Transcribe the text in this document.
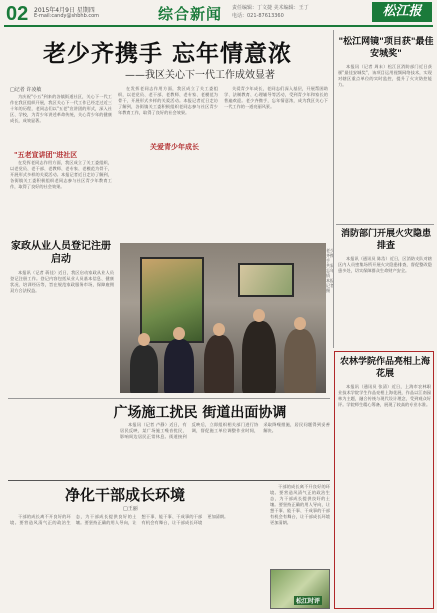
02 2015年4月9日 星期四
E-mail:candy@shbhb.com	综合新闻 责任编辑：丁文捷 美术编辑：王丁
电话：021-87613360	松江报
老少齐携手 忘年情意浓
——我区关心下一代工作成效显著
□记者 许凌敏

为庆祝"小五"到来的各镇街道社区，关心下一代工作在我区组织开展，我区关心下一代工作已经走过近三十年的历程，老同志们以"五老"宣讲团的形式，深入社区、学校，为青少年讲述革命传统，关心青少年的健康成长，成效显著。

"五老宣讲团"进社区

在发挥老同志作用方面，我区成立了关工委组织，以老党员、老干部、老教师、老专家、老模范为骨干，开展形式多样的关爱活动。本报记者近日走访了解到，各街镇关工委积极组织老同志参与社区青少年教育工作，取得了良好的社会效果。

在发挥老同志作用方面，我区成立了关工委组织，以老党员、老干部、老教师、老专家、老模范为骨干，开展形式多样的关爱活动。本报记者近日走访了解到，各街镇关工委积极组织老同志参与社区青少年教育工作，取得了良好的社会效果。

关爱青少年成长

关爱青少年成长，老同志们深入基层，开展帮困助学、法制教育、心理辅导等活动，受到青少年和家长的普遍欢迎。老少齐携手，忘年情意浓，成为我区关心下一代工作的一道亮丽风景。

家政从业人员登记注册启动

本报讯（记者 蒋佳）近日，我区启动家政从业人员登记注册工作。登记内容包括从业人员基本信息、健康状况、培训经历等，旨在规范家政服务市场，保障雇佣双方合法权益。

老少齐携手 共叙忘年情 本报记者摄
"松江网镜"项目获"最佳安城奖"

本报讯（记者 周末）松江区消防部门近日获颁"最佳安城奖"，该项目运用视频网络技术，实现对辖区重点单位的实时监控，提升了火灾防控能力。

消防部门开展火灾隐患排查

本报讯（通讯员 陈浩）近日，区消防支队对辖区内人员密集场所开展火灾隐患排查，督促整改隐患多处，切实保障群众生命财产安全。

农林学院作品亮相上海花展

本报讯（通讯员 张清）近日，上海市农林职业技术学院学生作品亮相上海花展，作品以江南园林为主题，融合传统与现代设计理念，受到观众好评。学院师生精心筹备，展现了较高的专业水准。

广场施工扰民 街道出面协调

本报讯（记者 卢静）近日，有居民反映，某广场施工噪音扰民，影响周边居民正常休息。街道接到反映后，立即组织相关部门进行协调，督促施工单位调整作业时间，采取降噪措施，居民问题得到妥善解决。

净化干部成长环境
□王丽

干部的成长离不开良好的环境。要营造风清气正的政治生态，为干部成长提供良好的土壤。要坚持正确的用人导向，让想干事、能干事、干成事的干部有机会有舞台，让干部成长环境更加清朗。

干部的成长离不开良好的环境。要营造风清气正的政治生态，为干部成长提供良好的土壤。要坚持正确的用人导向，让想干事、能干事、干成事的干部有机会有舞台，让干部成长环境更加清朗。

松江时评
